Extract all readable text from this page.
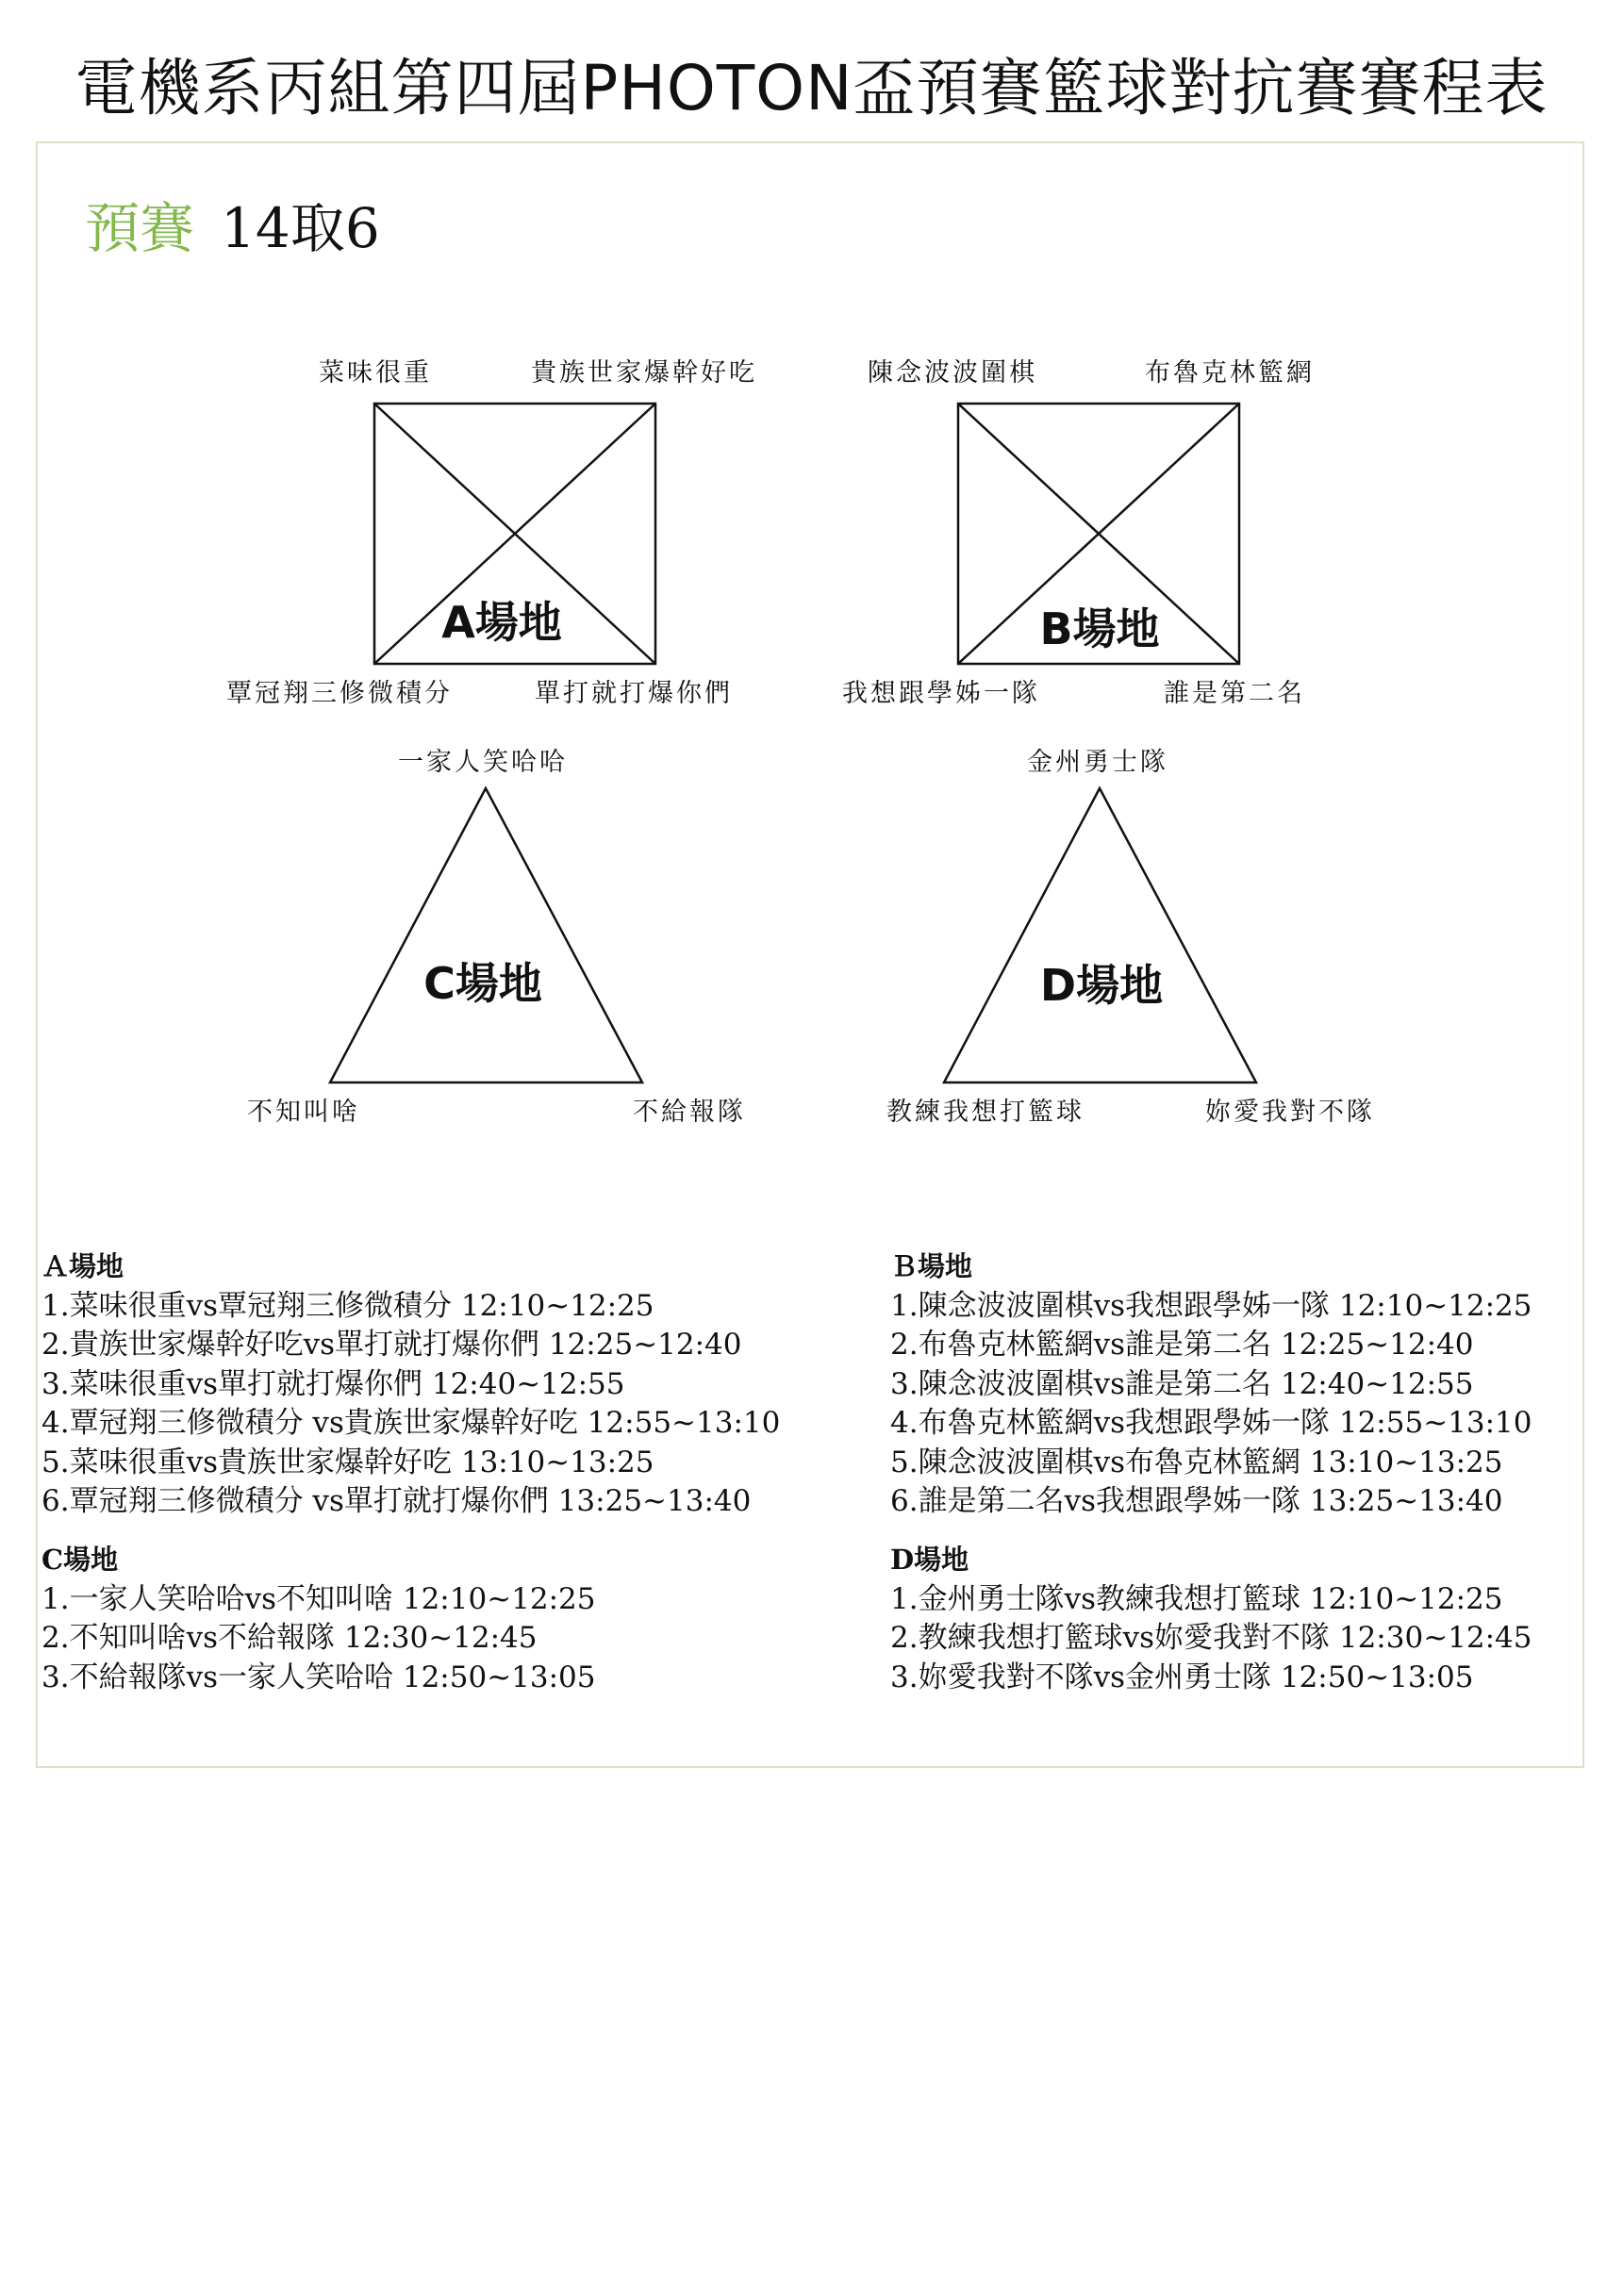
電機系丙組第四屆PHOTON盃預賽籃球對抗賽賽程表
預賽 14取6
A場地	B場地
C場地	D場地
菜味很重	貴族世家爆幹好吃
覃冠翔三修微積分	單打就打爆你們
陳念波波圍棋	布魯克林籃網
我想跟學姊一隊	誰是第二名
一家人笑哈哈
不知叫啥	不給報隊
金州勇士隊
教練我想打籃球	妳愛我對不隊
Ａ場地
1.菜味很重vs覃冠翔三修微積分 12:10~12:25
2.貴族世家爆幹好吃vs單打就打爆你們 12:25~12:40
3.菜味很重vs單打就打爆你們 12:40~12:55
4.覃冠翔三修微積分 vs貴族世家爆幹好吃 12:55~13:10
5.菜味很重vs貴族世家爆幹好吃 13:10~13:25
6.覃冠翔三修微積分 vs單打就打爆你們 13:25~13:40
Ｂ場地
1.陳念波波圍棋vs我想跟學姊一隊 12:10~12:25
2.布魯克林籃網vs誰是第二名 12:25~12:40
3.陳念波波圍棋vs誰是第二名 12:40~12:55
4.布魯克林籃網vs我想跟學姊一隊 12:55~13:10
5.陳念波波圍棋vs布魯克林籃網 13:10~13:25
6.誰是第二名vs我想跟學姊一隊 13:25~13:40
C場地
1.一家人笑哈哈vs不知叫啥 12:10~12:25
2.不知叫啥vs不給報隊 12:30~12:45
3.不給報隊vs一家人笑哈哈 12:50~13:05
D場地
1.金州勇士隊vs教練我想打籃球 12:10~12:25
2.教練我想打籃球vs妳愛我對不隊 12:30~12:45
3.妳愛我對不隊vs金州勇士隊 12:50~13:05
